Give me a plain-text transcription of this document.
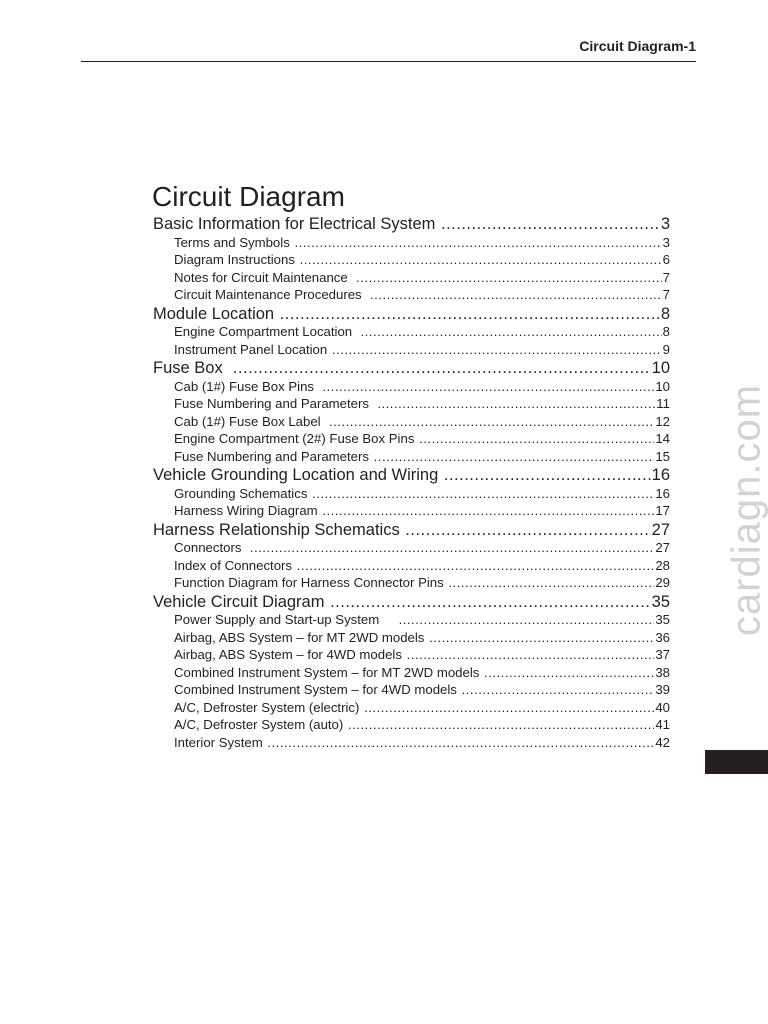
Circuit Diagram-1
Circuit Diagram
Basic Information for Electrical System .....	3
Terms and Symbols .....	3
Diagram Instructions .....	6
Notes for Circuit Maintenance .....	7
Circuit Maintenance Procedures .....	7
Module Location .....	8
Engine Compartment Location .....	8
Instrument Panel Location .....	9
Fuse Box .....	10
Cab (1#) Fuse Box Pins .....	10
Fuse Numbering and Parameters .....	11
Cab (1#) Fuse Box Label .....	12
Engine Compartment (2#) Fuse Box Pins .....	14
Fuse Numbering and Parameters .....	15
Vehicle Grounding Location and Wiring .....	16
Grounding Schematics .....	16
Harness Wiring Diagram .....	17
Harness Relationship Schematics .....	27
Connectors .....	27
Index of Connectors .....	28
Function Diagram for Harness Connector Pins .....	29
Vehicle Circuit Diagram .....	35
Power Supply and Start-up System .....	35
Airbag, ABS System – for MT 2WD models .....	36
Airbag, ABS System – for 4WD models .....	37
Combined Instrument System – for MT 2WD models .....	38
Combined Instrument System – for 4WD models .....	39
A/C, Defroster System (electric) .....	40
A/C, Defroster System (auto) .....	41
Interior System .....	42
cardiagn.com
